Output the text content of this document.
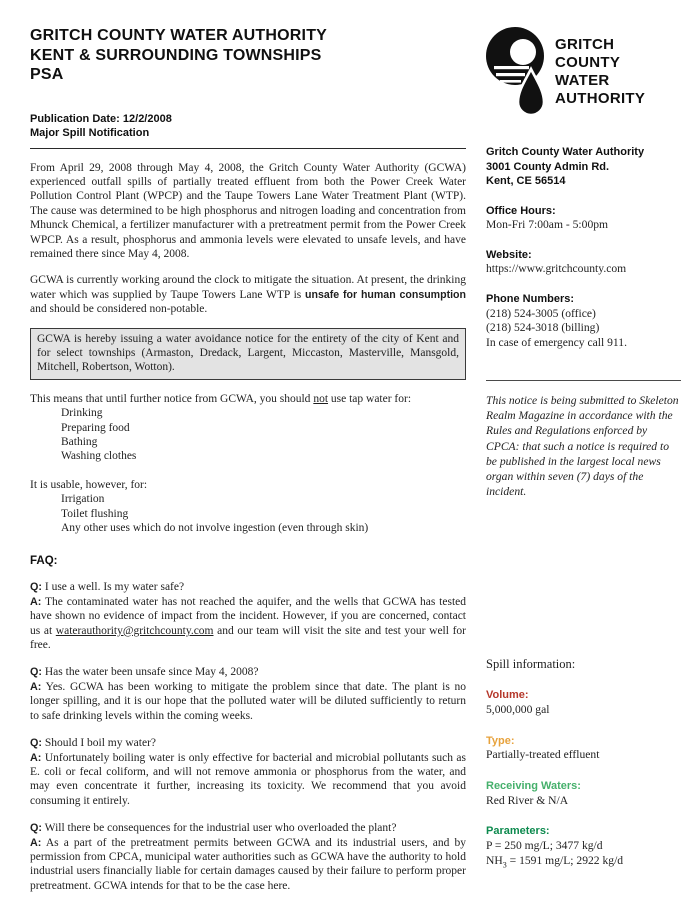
GRITCH COUNTY WATER AUTHORITY
KENT & SURROUNDING TOWNSHIPS
PSA
Publication Date: 12/2/2008
Major Spill Notification

From April 29, 2008 through May 4, 2008, the Gritch County Water Authority (GCWA) experienced outfall spills of partially treated effluent from both the Power Creek Water Pollution Control Plant (WPCP) and the Taupe Towers Lane Water Treatment Plant (WTP). The cause was determined to be high phosphorus and nitrogen loading and concentration from Mhunck Chemical, a fertilizer manufacturer with a pretreatment permit from the Power Creek WPCP. As a result, phosphorus and ammonia levels were elevated to unsafe levels, and have remained there since May 4, 2008.

GCWA is currently working around the clock to mitigate the situation. At present, the drinking water which was supplied by Taupe Towers Lane WTP is unsafe for human consumption and should be considered non-potable.

GCWA is hereby issuing a water avoidance notice for the entirety of the city of Kent and for select townships (Armaston, Dredack, Largent, Miccaston, Masterville, Mansgold, Mitchell, Robertson, Wotton).

This means that until further notice from GCWA, you should not use tap water for:

Drinking
Preparing food
Bathing
Washing clothes

It is usable, however, for:

Irrigation
Toilet flushing
Any other uses which do not involve ingestion (even through skin)
FAQ:
Q: I use a well. Is my water safe?
A: The contaminated water has not reached the aquifer, and the wells that GCWA has tested have shown no evidence of impact from the incident. However, if you are concerned, contact us at waterauthority@gritchcounty.com and our team will visit the site and test your well for free.
Q: Has the water been unsafe since May 4, 2008?
A: Yes. GCWA has been working to mitigate the problem since that date. The plant is no longer spilling, and it is our hope that the polluted water will be diluted sufficiently to return to safe drinking levels within the coming weeks.
Q: Should I boil my water?
A: Unfortunately boiling water is only effective for bacterial and microbial pollutants such as E. coli or fecal coliform, and will not remove ammonia or phosphorus from the water, and may even concentrate it further, increasing its toxicity. We recommend that you avoid consuming it entirely.
Q: Will there be consequences for the industrial user who overloaded the plant?
A: As a part of the pretreatment permits between GCWA and its industrial users, and by permission from CPCA, municipal water authorities such as GCWA have the authority to hold industrial users financially liable for certain damages caused by their failure to perform proper pretreatment. GCWA intends for that to be the case here.
GRITCH
COUNTY
WATER
AUTHORITY
Gritch County Water Authority
3001 County Admin Rd.
Kent, CE 56514
Office Hours:
Mon-Fri 7:00am - 5:00pm
Website:
https://www.gritchcounty.com
Phone Numbers:
(218) 524-3005 (office)
(218) 524-3018 (billing)
In case of emergency call 911.

This notice is being submitted to Skeleton Realm Magazine in accordance with the Rules and Regulations enforced by CPCA: that such a notice is required to be published in the largest local news organ within seven (7) days of the incident.

Spill information:
Volume:
5,000,000 gal
Type:
Partially-treated effluent
Receiving Waters:
Red River & N/A
Parameters:
P = 250 mg/L; 3477 kg/d
$NH_3 = 1591$ mg/L; 2922 kg/d
